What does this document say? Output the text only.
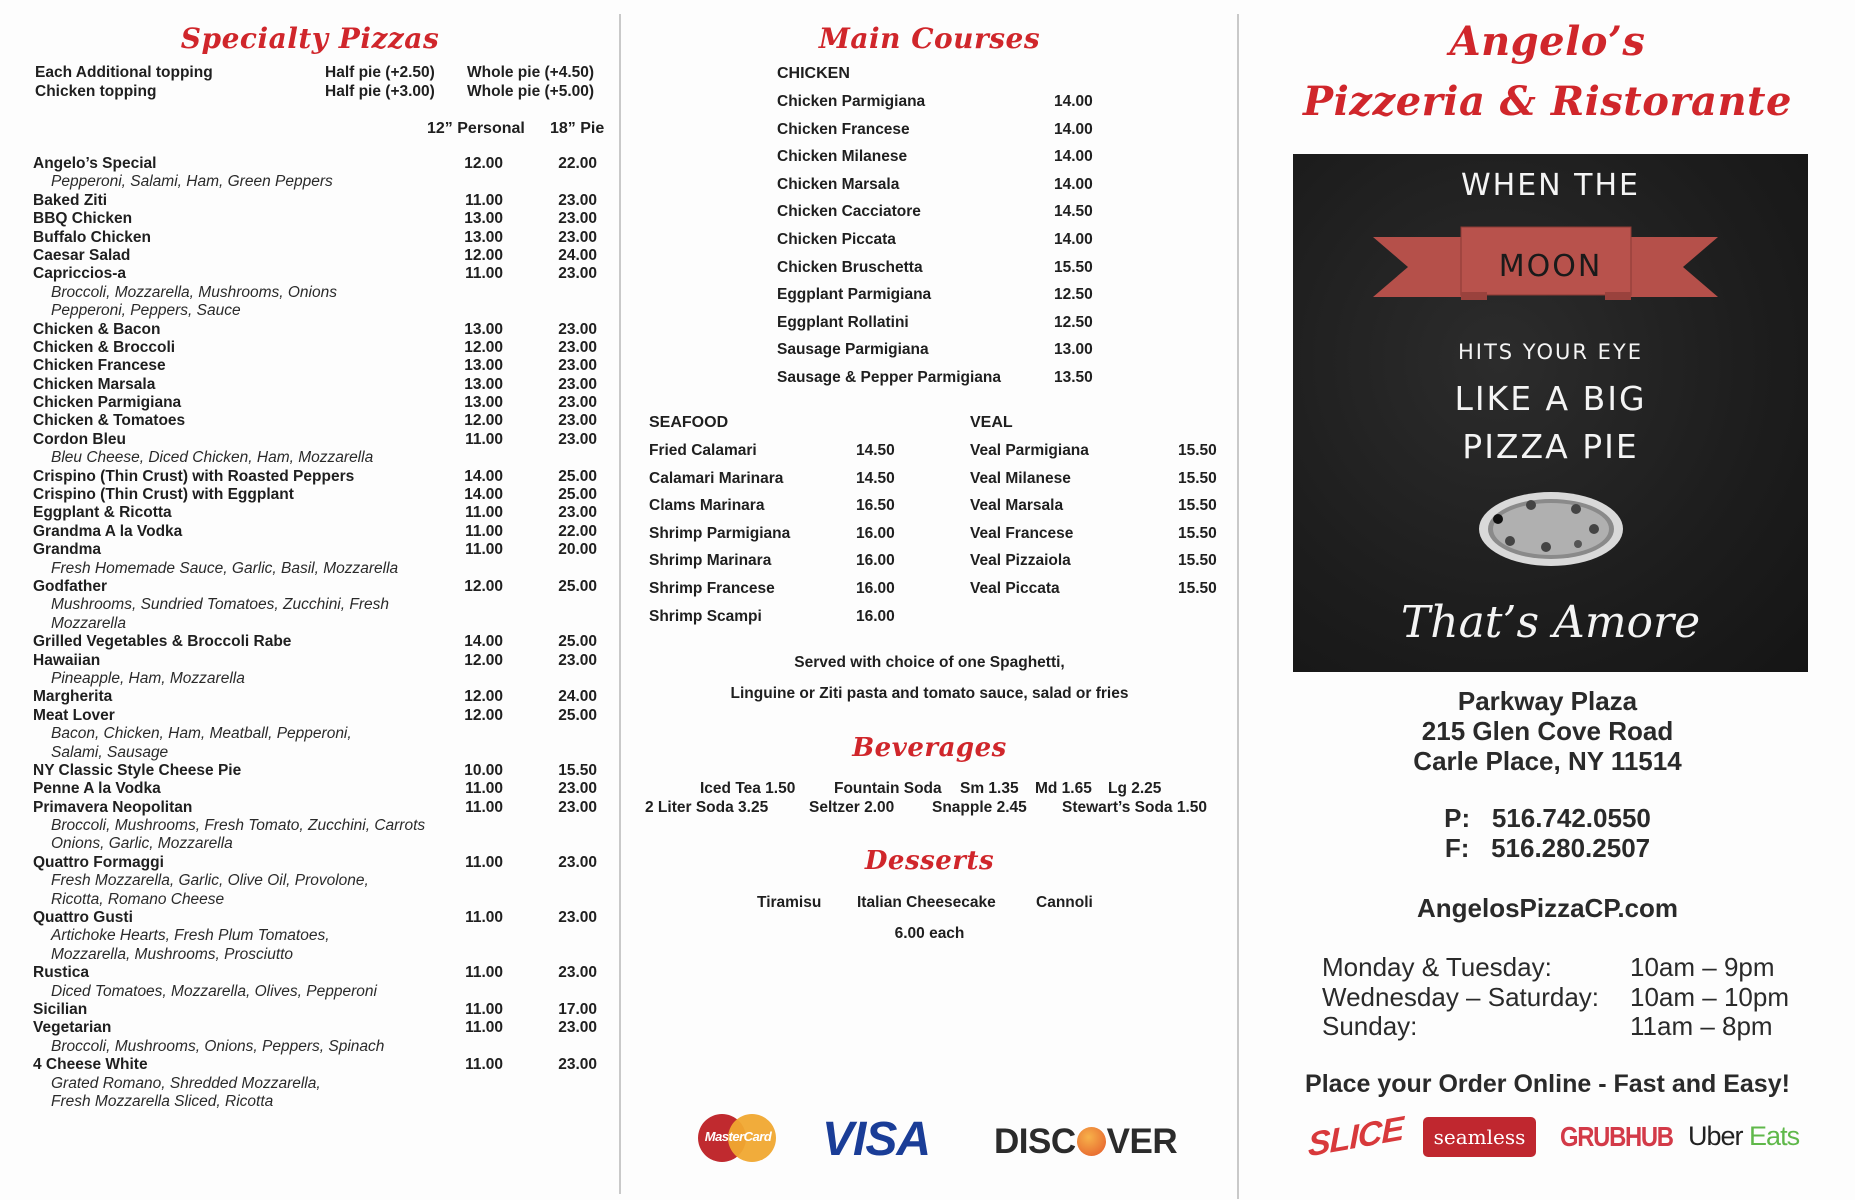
Specialty Pizzas
Each Additional topping	Half pie (+2.50) Whole pie (+4.50)
Chicken topping	Half pie (+3.00) Whole pie (+5.00)
12” Personal 18” Pie
Angelo’s Special	12.00	22.00
Pepperoni, Salami, Ham, Green Peppers
Baked Ziti	11.00	23.00
BBQ Chicken	13.00	23.00
Buffalo Chicken	13.00	23.00
Caesar Salad	12.00	24.00
Capriccios-a	11.00	23.00
Broccoli, Mozzarella, Mushrooms, Onions
Pepperoni, Peppers, Sauce
Chicken & Bacon	13.00	23.00
Chicken & Broccoli	12.00	23.00
Chicken Francese	13.00	23.00
Chicken Marsala	13.00	23.00
Chicken Parmigiana	13.00	23.00
Chicken & Tomatoes	12.00	23.00
Cordon Bleu	11.00	23.00
Bleu Cheese, Diced Chicken, Ham, Mozzarella
Crispino (Thin Crust) with Roasted Peppers	14.00	25.00
Crispino (Thin Crust) with Eggplant	14.00	25.00
Eggplant & Ricotta	11.00	23.00
Grandma A la Vodka	11.00	22.00
Grandma	11.00	20.00
Fresh Homemade Sauce, Garlic, Basil, Mozzarella
Godfather	12.00	25.00
Mushrooms, Sundried Tomatoes, Zucchini, Fresh
Mozzarella
Grilled Vegetables & Broccoli Rabe	14.00	25.00
Hawaiian	12.00	23.00
Pineapple, Ham, Mozzarella
Margherita	12.00	24.00
Meat Lover	12.00	25.00
Bacon, Chicken, Ham, Meatball, Pepperoni,
Salami, Sausage
NY Classic Style Cheese Pie	10.00	15.50
Penne A la Vodka	11.00	23.00
Primavera Neopolitan	11.00	23.00
Broccoli, Mushrooms, Fresh Tomato, Zucchini, Carrots
Onions, Garlic, Mozzarella
Quattro Formaggi	11.00	23.00
Fresh Mozzarella, Garlic, Olive Oil, Provolone,
Ricotta, Romano Cheese
Quattro Gusti	11.00	23.00
Artichoke Hearts, Fresh Plum Tomatoes,
Mozzarella, Mushrooms, Prosciutto
Rustica	11.00	23.00
Diced Tomatoes, Mozzarella, Olives, Pepperoni
Sicilian	11.00	17.00
Vegetarian	11.00	23.00
Broccoli, Mushrooms, Onions, Peppers, Spinach
4 Cheese White	11.00	23.00
Grated Romano, Shredded Mozzarella,
Fresh Mozzarella Sliced, Ricotta
Main Courses
CHICKEN
Chicken Parmigiana	14.00
Chicken Francese	14.00
Chicken Milanese	14.00
Chicken Marsala	14.00
Chicken Cacciatore	14.50
Chicken Piccata	14.00
Chicken Bruschetta	15.50
Eggplant Parmigiana	12.50
Eggplant Rollatini	12.50
Sausage Parmigiana	13.00
Sausage & Pepper Parmigiana	13.50
SEAFOOD	VEAL
Fried Calamari	14.50
Calamari Marinara	14.50
Clams Marinara	16.50
Shrimp Parmigiana	16.00
Shrimp Marinara	16.00
Shrimp Francese	16.00
Shrimp Scampi	16.00
Veal Parmigiana	15.50
Veal Milanese	15.50
Veal Marsala	15.50
Veal Francese	15.50
Veal Pizzaiola	15.50
Veal Piccata	15.50
Served with choice of one Spaghetti,
Linguine or Ziti pasta and tomato sauce, salad or fries
Beverages
Iced Tea 1.50 Fountain Soda Sm 1.35 Md 1.65 Lg 2.25
2 Liter Soda 3.25	Seltzer 2.00 Snapple 2.45 Stewart’s Soda 1.50
Desserts
Tiramisu Italian Cheesecake	Cannoli
6.00 each
MasterCard VISA DISC VER
Angelo’s
Pizzeria & Ristorante
WHEN THE
MOON
HITS YOUR EYE
LIKE A BIG
PIZZA PIE
That’s Amore
Parkway Plaza
215 Glen Cove Road
Carle Place, NY 11514
P: 516.742.0550
F: 516.280.2507
AngelosPizzaCP.com
Monday & Tuesday:	10am – 9pm
Wednesday – Saturday: 10am – 10pm
Sunday:	11am – 8pm
Place your Order Online - Fast and Easy!
SLICE	seamless	GRUBHUB Uber Eats
